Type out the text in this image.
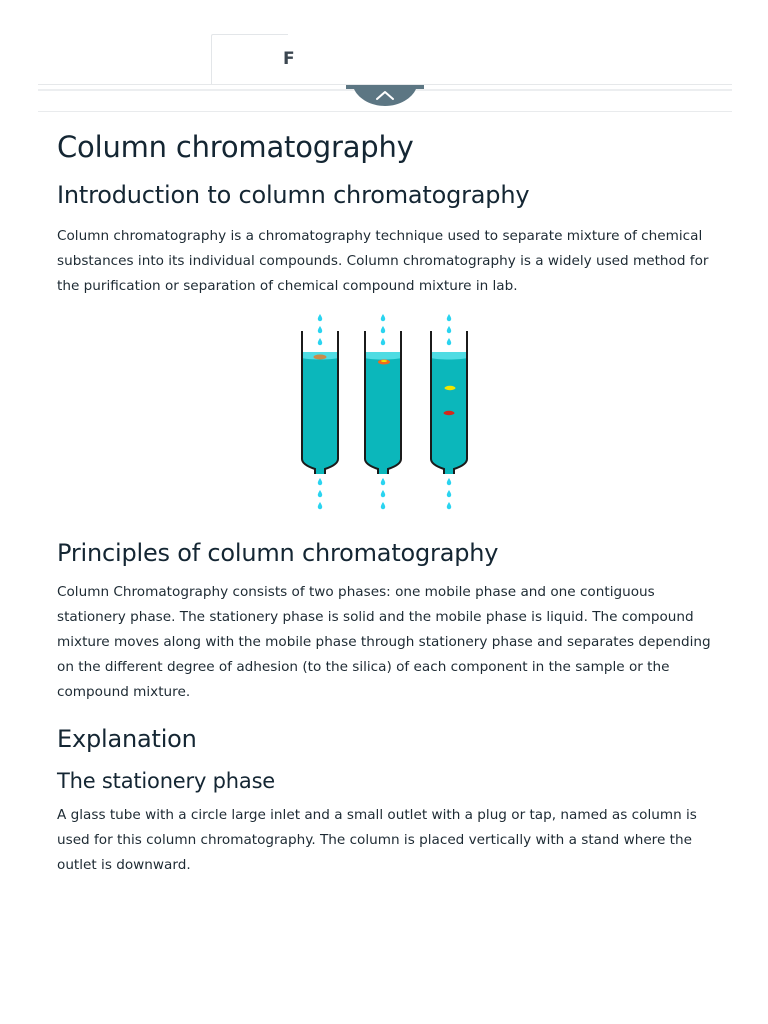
F
Column chromatography
Introduction to column chromatography

Column chromatography is a chromatography technique used to separate mixture of chemical substances into its individual compounds. Column chromatography is a widely used method for the purification or separation of chemical compound mixture in lab.

Principles of column chromatography

Column Chromatography consists of two phases: one mobile phase and one contiguous stationery phase. The stationery phase is solid and the mobile phase is liquid. The compound mixture moves along with the mobile phase through stationery phase and separates depending on the different degree of adhesion (to the silica) of each component in the sample or the compound mixture.

Explanation
The stationery phase

A glass tube with a circle large inlet and a small outlet with a plug or tap, named as column is used for this column chromatography. The column is placed vertically with a stand where the outlet is downward.
